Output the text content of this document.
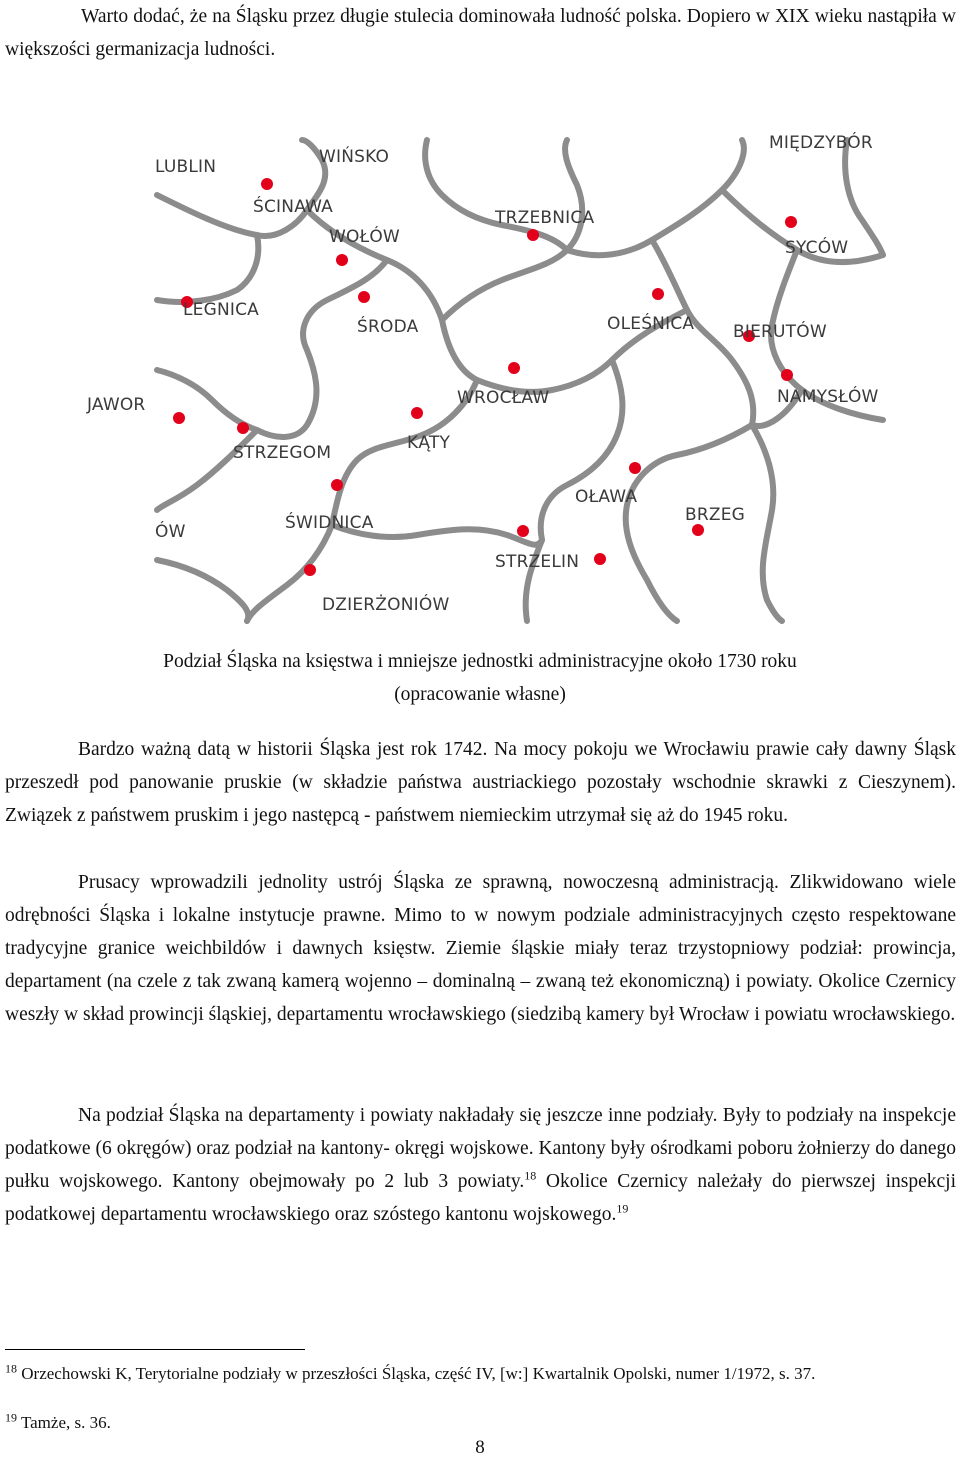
Warto dodać, że na Śląsku przez długie stulecia dominowała ludność polska. Dopiero w XIX wieku nastąpiła w większości germanizacja ludności.

LUBLIN	WIŃSKO
MIĘDZYBÓR
ŚCINAWA
WOŁÓW
TRZEBNICA
SYCÓW
LEGNICA
ŚRODA	OLEŚNICA BIERUTÓW
WROCŁAW	NAMYSŁÓW
JAWOR
STRZEGOM	KĄTY
OŁAWA
BRZEG
ŚWIDNICA
STRZELIN
DZIERŻONIÓW
ÓW

Podział Śląska na księstwa i mniejsze jednostki administracyjne około 1730 roku

(opracowanie własne)

Bardzo ważną datą w historii Śląska jest rok 1742. Na mocy pokoju we Wrocławiu prawie cały dawny Śląsk przeszedł pod panowanie pruskie (w składzie państwa austriackiego pozostały wschodnie skrawki z Cieszynem). Związek z państwem pruskim i jego następcą - państwem niemieckim utrzymał się aż do 1945 roku.

Prusacy wprowadzili jednolity ustrój Śląska ze sprawną, nowoczesną administracją. Zlikwidowano wiele odrębności Śląska i lokalne instytucje prawne. Mimo to w nowym podziale administracyjnych często respektowane tradycyjne granice weichbildów i dawnych księstw. Ziemie śląskie miały teraz trzystopniowy podział: prowincja, departament (na czele z tak zwaną kamerą wojenno – dominalną – zwaną też ekonomiczną) i powiaty. Okolice Czernicy weszły w skład prowincji śląskiej, departamentu wrocławskiego (siedzibą kamery był Wrocław i powiatu wrocławskiego.

Na podział Śląska na departamenty i powiaty nakładały się jeszcze inne podziały. Były to podziały na inspekcje podatkowe (6 okręgów) oraz podział na kantony- okręgi wojskowe. Kantony były ośrodkami poboru żołnierzy do danego pułku wojskowego. Kantony obejmowały po 2 lub 3 powiaty.$^{18}$ Okolice Czernicy należały do pierwszej inspekcji podatkowej departamentu wrocławskiego oraz szóstego kantonu wojskowego.$^{19}$

$^{18}$ Orzechowski K, Terytorialne podziały w przeszłości Śląska, część IV, [w:] Kwartalnik Opolski, numer 1/1972, s. 37.

$^{19}$ Tamże, s. 36.

8
